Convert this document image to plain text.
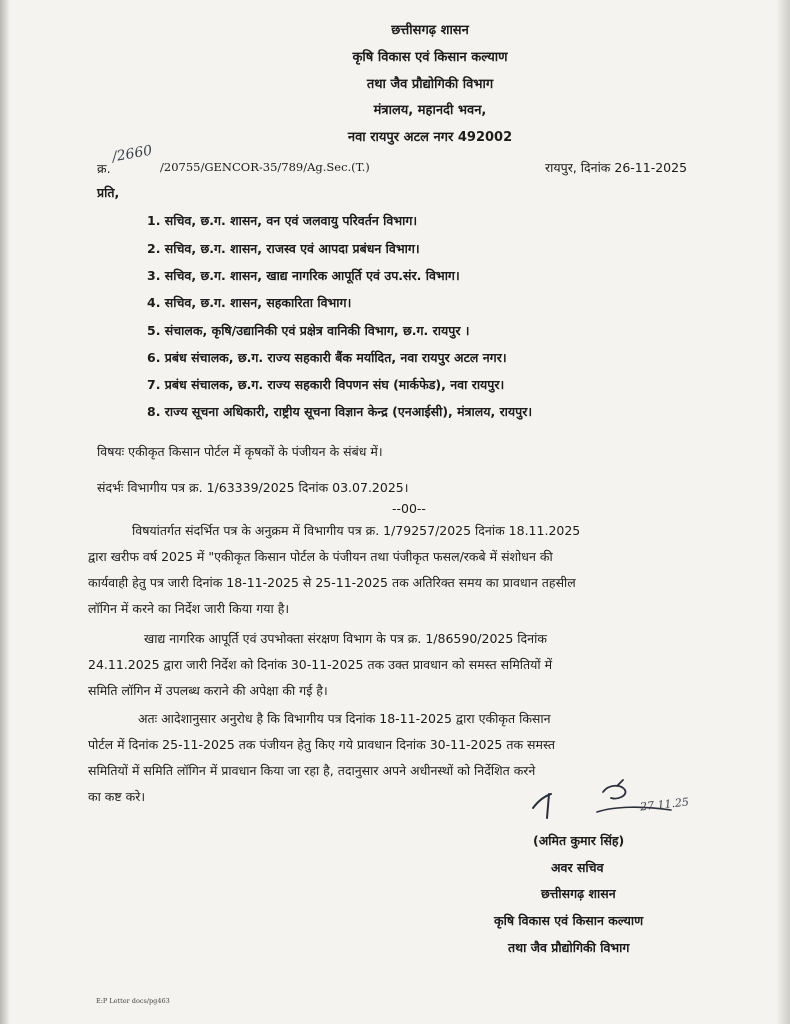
छत्तीसगढ़ शासन
कृषि विकास एवं किसान कल्याण
तथा जैव प्रौद्योगिकी विभाग
मंत्रालय, महानदी भवन,
नवा रायपुर अटल नगर 492002
क्र.
/2660
/20755/GENCOR-35/789/Ag.Sec.(T.)	रायपुर, दिनांक 26-11-2025
प्रति,
1. सचिव, छ.ग. शासन, वन एवं जलवायु परिवर्तन विभाग।
2. सचिव, छ.ग. शासन, राजस्व एवं आपदा प्रबंधन विभाग।
3. सचिव, छ.ग. शासन, खाद्य नागरिक आपूर्ति एवं उप.संर. विभाग।
4. सचिव, छ.ग. शासन, सहकारिता विभाग।
5. संचालक, कृषि/उद्यानिकी एवं प्रक्षेत्र वानिकी विभाग, छ.ग. रायपुर ।
6. प्रबंध संचालक, छ.ग. राज्य सहकारी बैंक मर्यादित, नवा रायपुर अटल नगर।
7. प्रबंध संचालक, छ.ग. राज्य सहकारी विपणन संघ (मार्कफेड), नवा रायपुर।
8. राज्य सूचना अधिकारी, राष्ट्रीय सूचना विज्ञान केन्द्र (एनआईसी), मंत्रालय, रायपुर।
विषयः एकीकृत किसान पोर्टल में कृषकों के पंजीयन के संबंध में।
संदर्भः विभागीय पत्र क्र. 1/63339/2025 दिनांक 03.07.2025।
--00--
विषयांतर्गत संदर्भित पत्र के अनुक्रम में विभागीय पत्र क्र. 1/79257/2025 दिनांक 18.11.2025
द्वारा खरीफ वर्ष 2025 में "एकीकृत किसान पोर्टल के पंजीयन तथा पंजीकृत फसल/रकबे में संशोधन की
कार्यवाही हेतु पत्र जारी दिनांक 18-11-2025 से 25-11-2025 तक अतिरिक्त समय का प्रावधान तहसील
लॉगिन में करने का निर्देश जारी किया गया है।
खाद्य नागरिक आपूर्ति एवं उपभोक्ता संरक्षण विभाग के पत्र क्र. 1/86590/2025 दिनांक
24.11.2025 द्वारा जारी निर्देश को दिनांक 30-11-2025 तक उक्त प्रावधान को समस्त समितियों में
समिति लॉगिन में उपलब्ध कराने की अपेक्षा की गई है।
अतः आदेशानुसार अनुरोध है कि विभागीय पत्र दिनांक 18-11-2025 द्वारा एकीकृत किसान
पोर्टल में दिनांक 25-11-2025 तक पंजीयन हेतु किए गये प्रावधान दिनांक 30-11-2025 तक समस्त
समितियों में समिति लॉगिन में प्रावधान किया जा रहा है, तदानुसार अपने अधीनस्थों को निर्देशित करने
का कष्ट करे।	27.11.25
(अमित कुमार सिंह)
अवर सचिव
छत्तीसगढ़ शासन
कृषि विकास एवं किसान कल्याण
तथा जैव प्रौद्योगिकी विभाग
E:P Letter docs/pg463
